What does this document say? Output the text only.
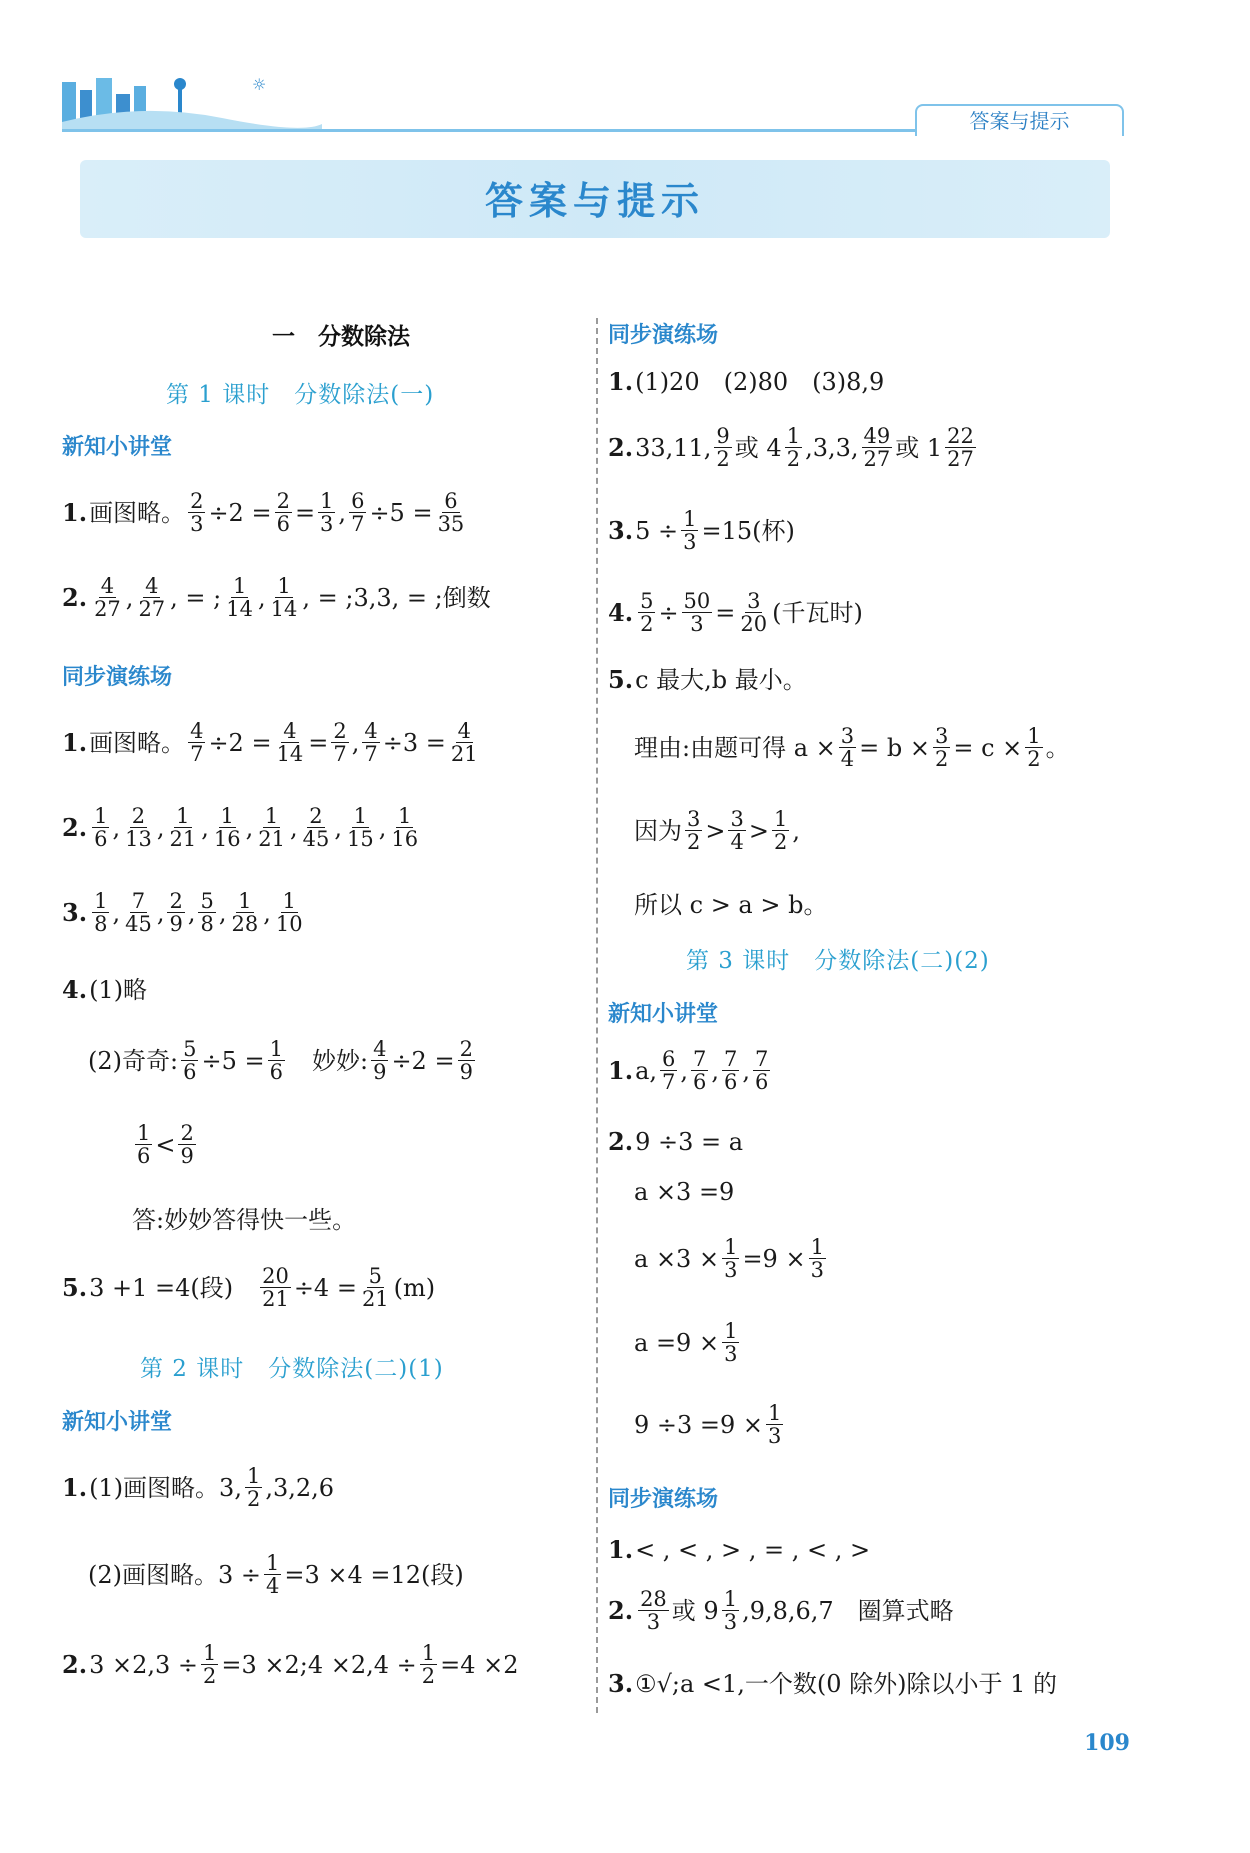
☼
答案与提示
答案与提示
一　分数除法
第 1 课时　分数除法(一)
新知小讲堂
1. 画图略。 $\frac{2}{3} \div 2 = \frac{2}{6} = \frac{1}{3}$ , $\frac{6}{7} \div 5 = \frac{6}{35}$
2. $\frac{4}{27}$ , $\frac{4}{27}$ , = ; $\frac{1}{14}$ , $\frac{1}{14}$ , = ;3,3, = ;倒数
同步演练场
1. 画图略。 $\frac{4}{7} \div 2 = \frac{4}{14} = \frac{2}{7}$ , $\frac{4}{7} \div 3 = \frac{4}{21}$
2. $\frac{1}{6}$ , $\frac{2}{13}$ , $\frac{1}{21}$ , $\frac{1}{16}$ , $\frac{1}{21}$ , $\frac{2}{45}$ , $\frac{1}{15}$ , $\frac{1}{16}$
3. $\frac{1}{8}$ , $\frac{7}{45}$ , $\frac{2}{9}$ , $\frac{5}{8}$ , $\frac{1}{28}$ , $\frac{1}{10}$
4. (1)略
(2)奇奇: $\frac{5}{6} \div 5 = \frac{1}{6}$ 　妙妙: $\frac{4}{9} \div 2 = \frac{2}{9}$
$\frac{1}{6} < \frac{2}{9}$
答:妙妙答得快一些。
5. 3 +1 =4(段)　 $\frac{20}{21} \div 4 = \frac{5}{21} (m)$
第 2 课时　分数除法(二)(1)
新知小讲堂
1. (1)画图略。3, $\frac{1}{2} ,3,2,6$
(2)画图略。$3 \div \frac{1}{4} =3 \times 4 =12$(段)
2. $3 \times 2,3 \div \frac{1}{2} =3$ ×2;4 $\times 2,4 \div \frac{1}{2} =4 \times 2$
同步演练场
1. (1)20　(2)80　(3)8,9
2. 33,11, $\frac{9}{2}$ 或 $4 \frac{1}{2} ,3,3$, $\frac{49}{27}$ 或 $1 \frac{22}{27}$
3. $5 \div \frac{1}{3} =15$(杯)
4. $\frac{5}{2} \div \frac{50}{3} = \frac{3}{20}$ (千瓦时)
5. c 最大,b 最小。
理由:由题可得 $a \times \frac{3}{4} = b \times \frac{3}{2} = c \times \frac{1}{2}$ 。
因为 $\frac{3}{2} > \frac{3}{4} > \frac{1}{2}$ ,
所以 c > a > b。
第 3 课时　分数除法(二)(2)
新知小讲堂
1. a, $\frac{6}{7}$ , $\frac{7}{6}$ , $\frac{7}{6}$ , $\frac{7}{6}$
2. 9 ÷3 = a
a ×3 =9
$a \times 3 \times \frac{1}{3} =9 \times \frac{1}{3}$
$a =9 \times \frac{1}{3}$
$9 \div 3 =9 \times \frac{1}{3}$
同步演练场
1. < , < , > , = , < , >
2. $\frac{28}{3}$ 或 $9 \frac{1}{3} ,9,8,6,7$　圈算式略
3. ①√;a <1,一个数(0 除外)除以小于 1 的
109
